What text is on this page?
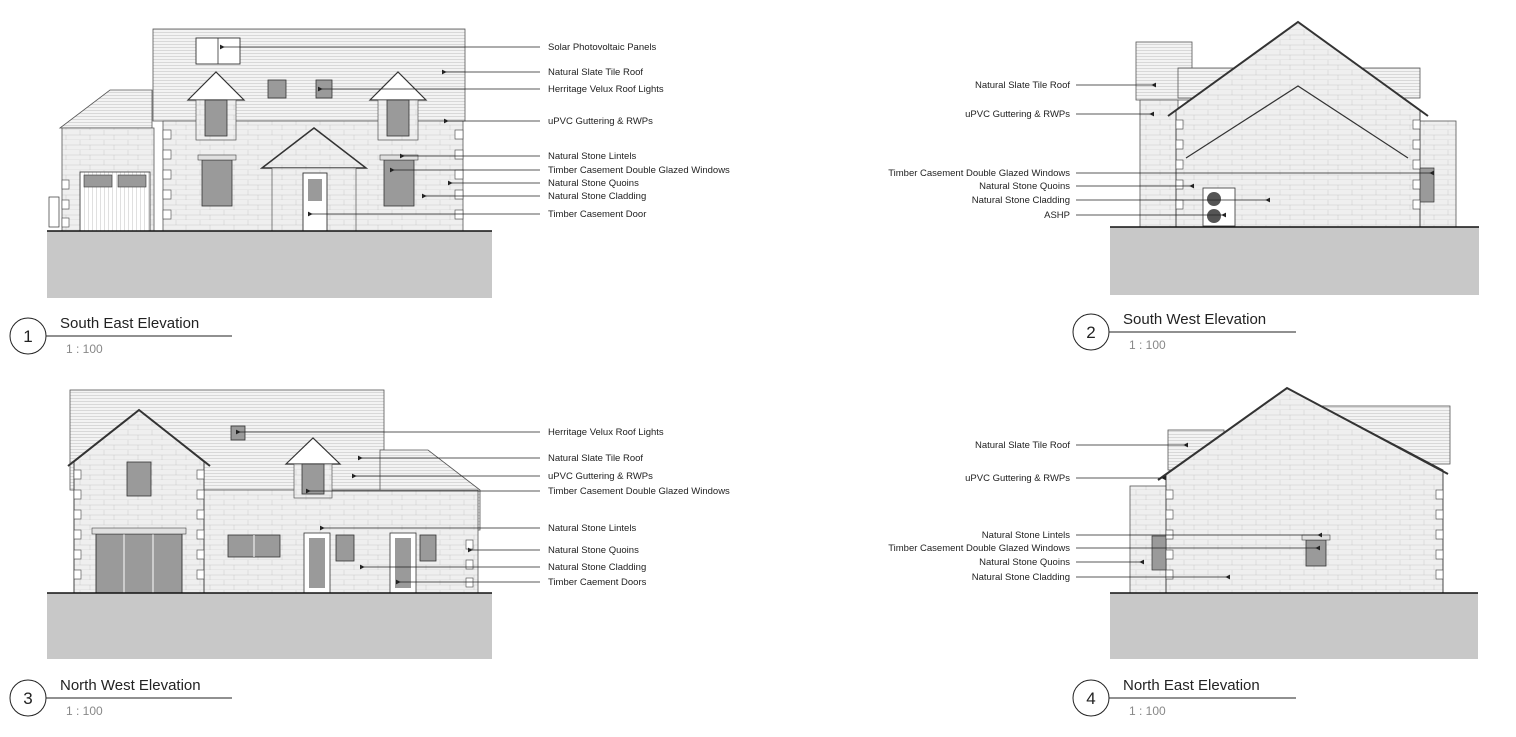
Solar Photovoltaic Panels
Natural Slate Tile Roof
Herritage Velux Roof Lights
uPVC Guttering & RWPs
Natural Stone Lintels
Timber Casement Double Glazed Windows
Natural Stone Quoins
Natural Stone Cladding
Timber Casement Door
1
South East Elevation
1 : 100
Natural Slate Tile Roof
uPVC Guttering & RWPs
Timber Casement Double Glazed Windows
Natural Stone Quoins
Natural Stone Cladding
ASHP
2
South West Elevation
1 : 100
Herritage Velux Roof Lights
Natural Slate Tile Roof
uPVC Guttering & RWPs
Timber Casement Double Glazed Windows
Natural Stone Lintels
Natural Stone Quoins
Natural Stone Cladding
Timber Caement Doors
3
North West Elevation
1 : 100
Natural Slate Tile Roof
uPVC Guttering & RWPs
Natural Stone Lintels
Timber Casement Double Glazed Windows
Natural Stone Quoins
Natural Stone Cladding
4
North East Elevation
1 : 100
